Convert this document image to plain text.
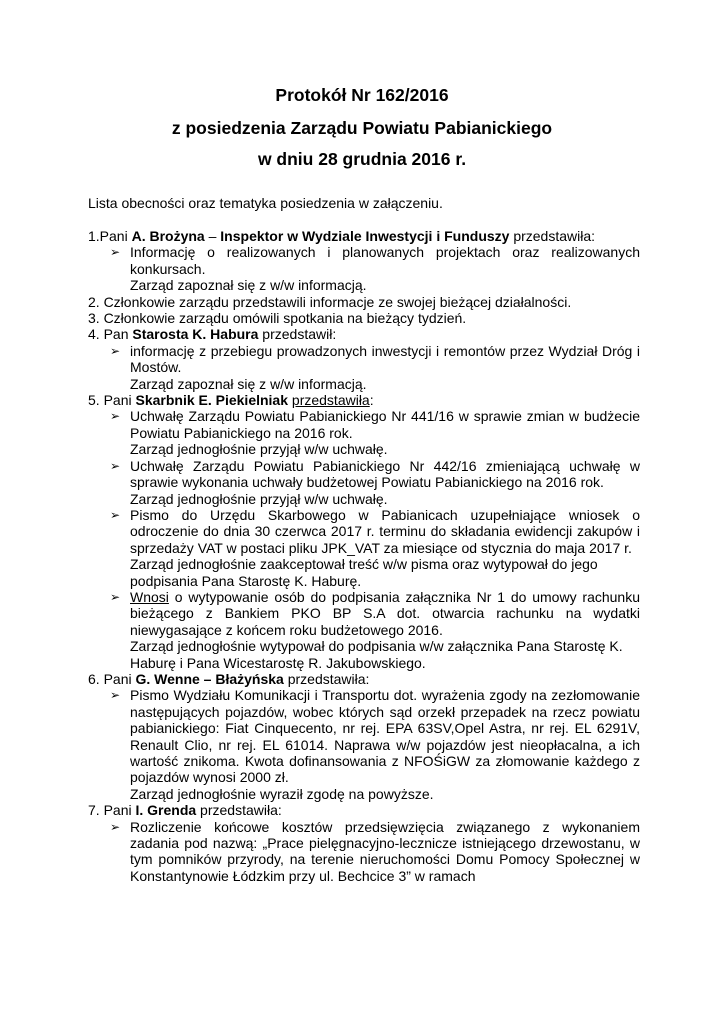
Protokół Nr 162/2016
z posiedzenia Zarządu Powiatu Pabianickiego
w dniu 28 grudnia 2016 r.

Lista obecności oraz tematyka posiedzenia w załączeniu.

1.Pani A. Brożyna – Inspektor w Wydziale Inwestycji i Funduszy przedstawiła:

➢ Informację o realizowanych i planowanych projektach oraz realizowanych konkursach.
Zarząd zapoznał się z w/w informacją.

2. Członkowie zarządu przedstawili informacje ze swojej bieżącej działalności.

3. Członkowie zarządu omówili spotkania na bieżący tydzień.

4. Pan Starosta K. Habura przedstawił:

➢ informację z przebiegu prowadzonych inwestycji i remontów przez Wydział Dróg i Mostów.
Zarząd zapoznał się z w/w informacją.

5. Pani Skarbnik E. Piekielniak przedstawiła:

➢ Uchwałę Zarządu Powiatu Pabianickiego Nr 441/16 w sprawie zmian w budżecie Powiatu Pabianickiego na 2016 rok.
Zarząd jednogłośnie przyjął w/w uchwałę.
➢ Uchwałę Zarządu Powiatu Pabianickiego Nr 442/16 zmieniającą uchwałę w sprawie wykonania uchwały budżetowej Powiatu Pabianickiego na 2016 rok.
Zarząd jednogłośnie przyjął w/w uchwałę.
➢ Pismo do Urzędu Skarbowego w Pabianicach uzupełniające wniosek o odroczenie do dnia 30 czerwca 2017 r. terminu do składania ewidencji zakupów i sprzedaży VAT w postaci pliku JPK_VAT za miesiące od stycznia do maja 2017 r.
Zarząd jednogłośnie zaakceptował treść w/w pisma oraz wytypował do jego podpisania Pana Starostę K. Haburę.
➢ Wnosi o wytypowanie osób do podpisania załącznika Nr 1 do umowy rachunku bieżącego z Bankiem PKO BP S.A dot. otwarcia rachunku na wydatki niewygasające z końcem roku budżetowego 2016.
Zarząd jednogłośnie wytypował do podpisania w/w załącznika Pana Starostę K. Haburę i Pana Wicestarostę R. Jakubowskiego.

6. Pani G. Wenne – Błażyńska przedstawiła:

➢ Pismo Wydziału Komunikacji i Transportu dot. wyrażenia zgody na zezłomowanie następujących pojazdów, wobec których sąd orzekł przepadek na rzecz powiatu pabianickiego: Fiat Cinquecento, nr rej. EPA 63SV,Opel Astra, nr rej. EL 6291V, Renault Clio, nr rej. EL 61014. Naprawa w/w pojazdów jest nieopłacalna, a ich wartość znikoma. Kwota dofinansowania z NFOŚiGW za złomowanie każdego z pojazdów wynosi 2000 zł.
Zarząd jednogłośnie wyraził zgodę na powyższe.

7. Pani I. Grenda przedstawiła:

➢ Rozliczenie końcowe kosztów przedsięwzięcia związanego z wykonaniem zadania pod nazwą: „Prace pielęgnacyjno-lecznicze istniejącego drzewostanu, w tym pomników przyrody, na terenie nieruchomości Domu Pomocy Społecznej w Konstantynowie Łódzkim przy ul. Bechcice 3” w ramach
